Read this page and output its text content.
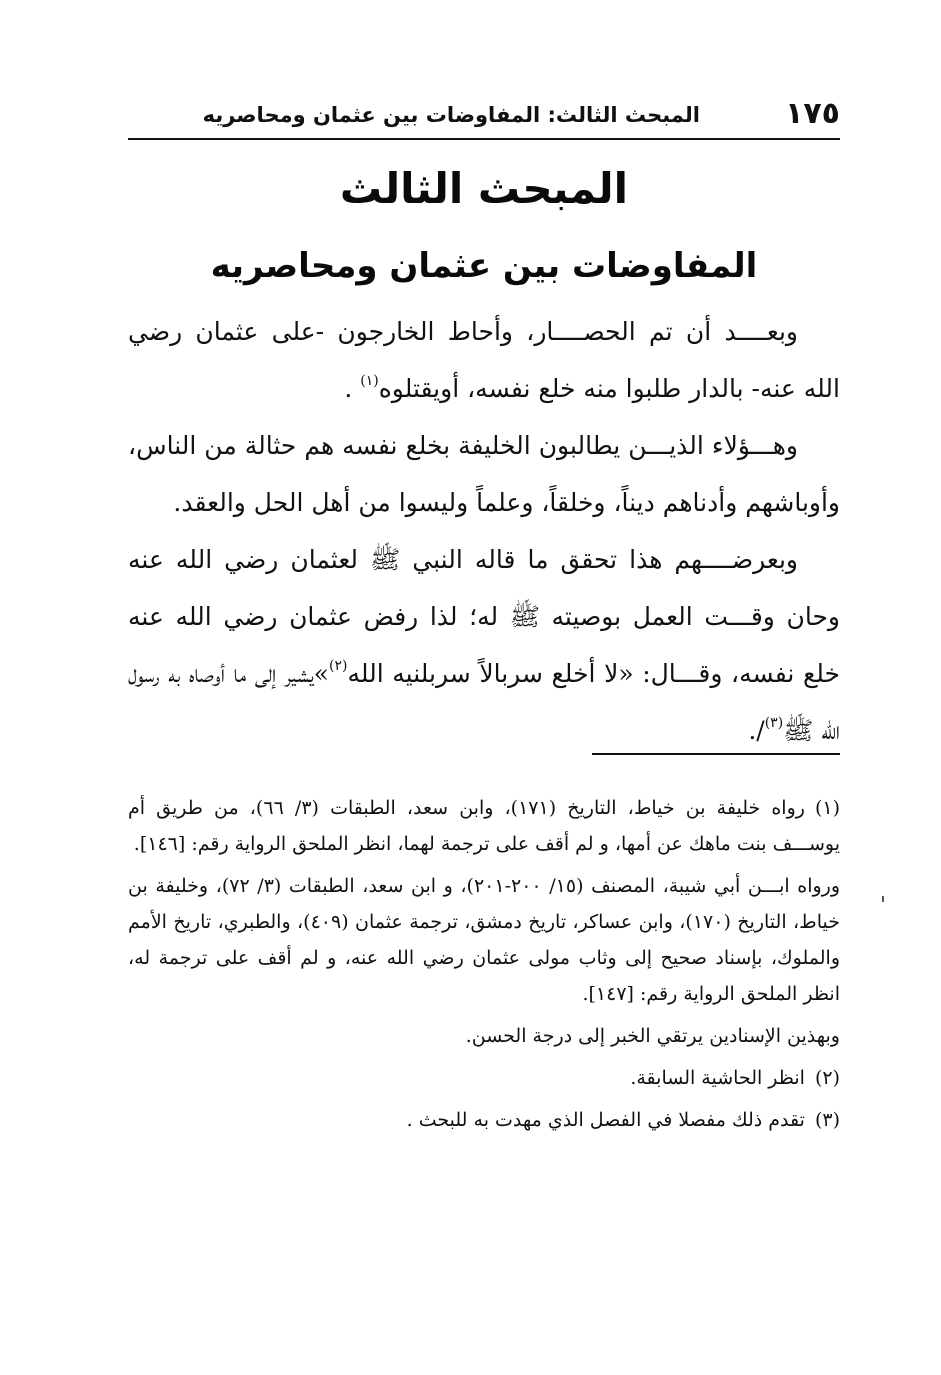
١٧٥
المبحث الثالث: المفاوضات بين عثمان ومحاصريه
المبحث الثالث
المفاوضات بين عثمان ومحاصريه

وبعــــد أن تم الحصــــار، وأحاط الخارجون -على عثمان رضي الله عنه- بالدار طلبوا منه خلع نفسه، أويقتلوه$^{(١)}$ .

وهـــؤلاء الذيـــن يطالبون الخليفة بخلع نفسه هم حثالة من الناس، وأوباشهم وأدناهم ديناً، وخلقاً، وعلماً وليسوا من أهل الحل والعقد.

وبعرضــــهم هذا تحقق ما قاله النبي ﷺ لعثمان رضي الله عنه وحان وقـــت العمل بوصيته ﷺ له؛ لذا رفض عثمان رضي الله عنه خلع نفسه، وقـــال: «لا أخلع سربالاً سربلنيه الله$^{(٢)}$»يشير إلى ما أوصاه به رسول الله ﷺ$^{(٣)}$/.

(١)رواه خليفة بن خياط، التاريخ (١٧١)، وابن سعد، الطبقات (٣/ ٦٦)، من طريق أم يوســـف بنت ماهك عن أمها، و لم أقف على ترجمة لهما، انظر الملحق الرواية رقم: [١٤٦].

ورواه ابـــن أبي شيبة، المصنف (١٥/ ٢٠٠-٢٠١)، و ابن سعد، الطبقات (٣/ ٧٢)، وخليفة بن خياط، التاريخ (١٧٠)، وابن عساكر، تاريخ دمشق، ترجمة عثمان (٤٠٩)، والطبري، تاريخ الأمم والملوك، بإسناد صحيح إلى وثاب مولى عثمان رضي الله عنه، و لم أقف على ترجمة له، انظر الملحق الرواية رقم: [١٤٧].

وبهذين الإسنادين يرتقي الخبر إلى درجة الحسن.

(٢)انظر الحاشية السابقة.

(٣)تقدم ذلك مفصلا في الفصل الذي مهدت به للبحث .
